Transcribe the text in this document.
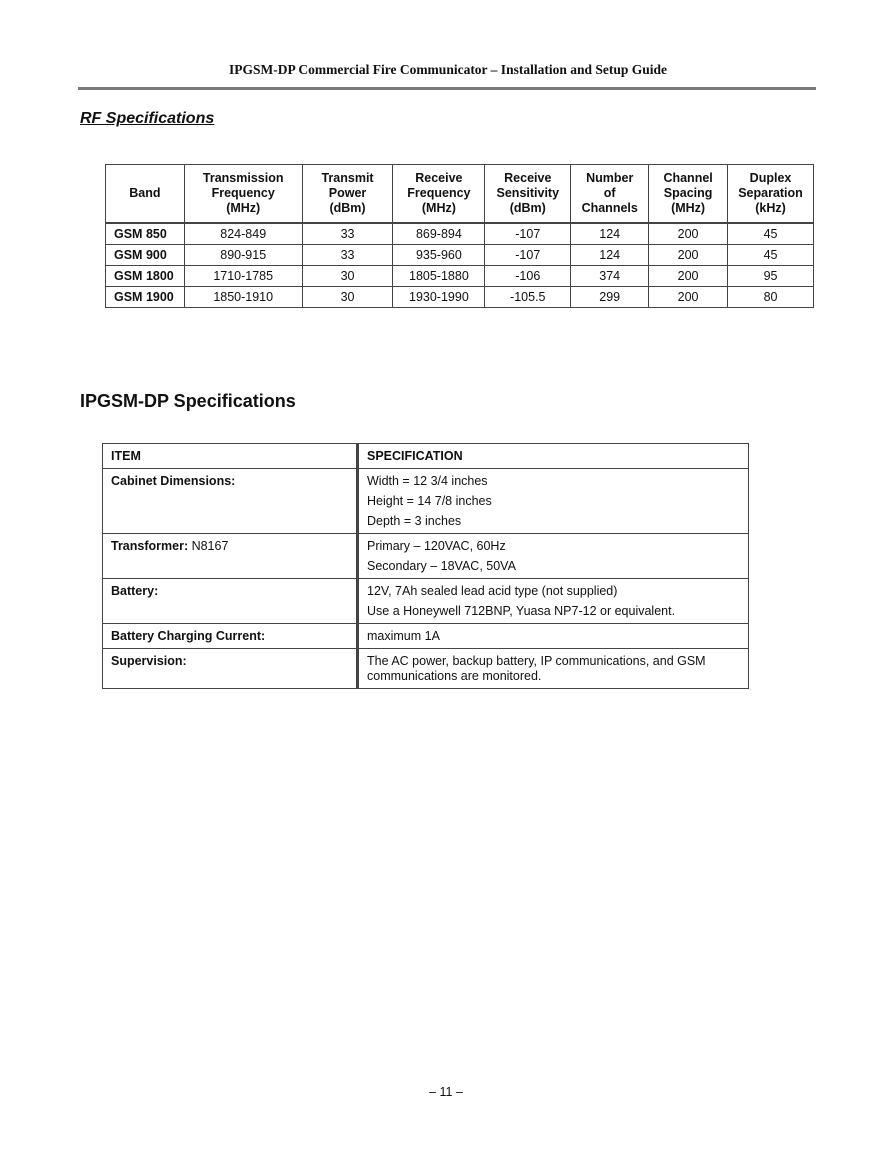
IPGSM-DP Commercial Fire Communicator – Installation and Setup Guide
RF Specifications
Band	Transmission
Frequency
(MHz)	Transmit
Power
(dBm)	Receive
Frequency
(MHz)	Receive
Sensitivity
(dBm)	Number
of
Channels	Channel
Spacing
(MHz)	Duplex
Separation
(kHz)

GSM 850	824-849	33	869-894	-107	124	200	45
GSM 900	890-915	33	935-960	-107	124	200	45
GSM 1800	1710-1785	30	1805-1880	-106	374	200	95
GSM 1900	1850-1910	30	1930-1990	-105.5	299	200	80
IPGSM-DP Specifications
ITEM	SPECIFICATION
Cabinet Dimensions:	Width = 12 3/4 inches
Height = 14 7/8 inches
Depth = 3 inches

Transformer: N8167	Primary – 120VAC, 60Hz
Secondary – 18VAC, 50VA

Battery:	12V, 7Ah sealed lead acid type (not supplied)
Use a Honeywell 712BNP, Yuasa NP7-12 or equivalent.

Battery Charging Current:	maximum 1A

Supervision:	The AC power, backup battery, IP communications, and GSM communications are monitored.
– 11 –
